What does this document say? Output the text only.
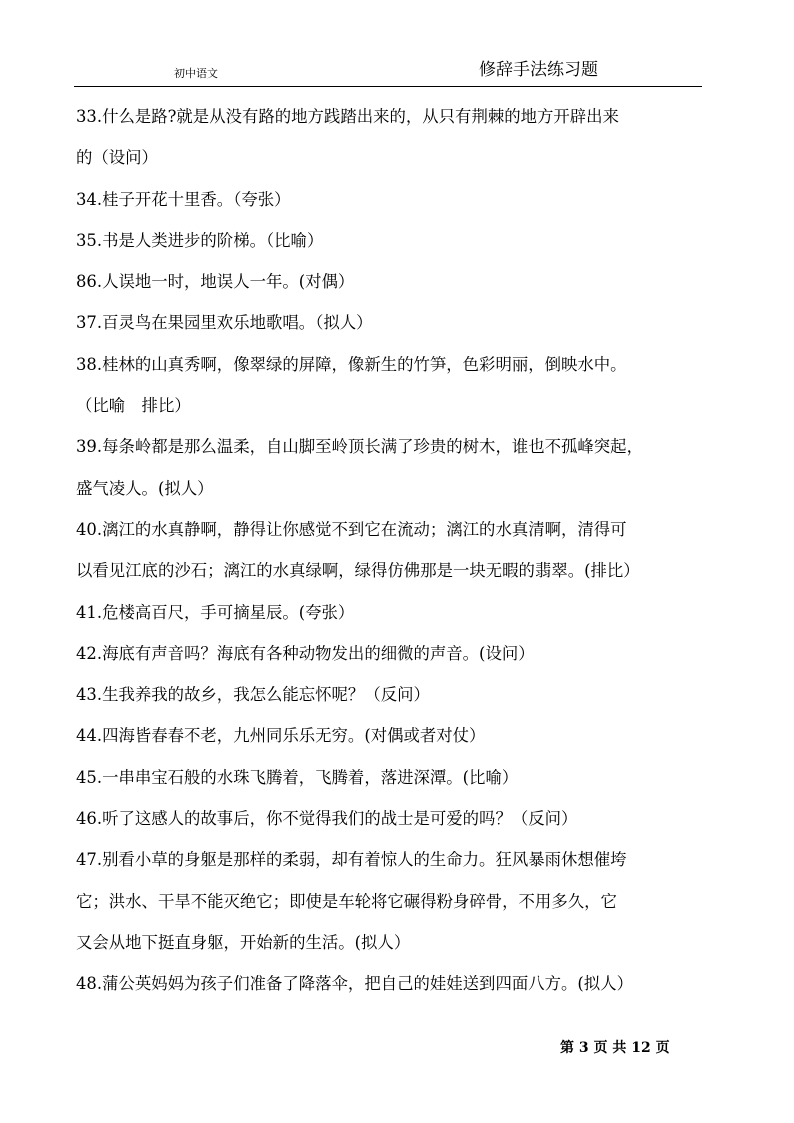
初中语文	修辞手法练习题
33.什么是路?就是从没有路的地方践踏出来的，从只有荆棘的地方开辟出来
的（设问）
34.桂子开花十里香。（夸张）
35.书是人类进步的阶梯。（比喻）
86.人误地一时，地误人一年。(对偶）
37.百灵鸟在果园里欢乐地歌唱。（拟人）
38.桂林的山真秀啊，像翠绿的屏障，像新生的竹笋，色彩明丽，倒映水中。
（比喻　排比）
39.每条岭都是那么温柔，自山脚至岭顶长满了珍贵的树木，谁也不孤峰突起，
盛气凌人。(拟人）
40.漓江的水真静啊，静得让你感觉不到它在流动；漓江的水真清啊，清得可
以看见江底的沙石；漓江的水真绿啊，绿得仿佛那是一块无暇的翡翠。(排比）
41.危楼高百尺，手可摘星辰。(夸张）
42.海底有声音吗？海底有各种动物发出的细微的声音。(设问）
43.生我养我的故乡，我怎么能忘怀呢？（反问）
44.四海皆春春不老，九州同乐乐无穷。(对偶或者对仗）
45.一串串宝石般的水珠飞腾着，飞腾着，落进深潭。(比喻）
46.听了这感人的故事后，你不觉得我们的战士是可爱的吗？（反问）
47.别看小草的身躯是那样的柔弱，却有着惊人的生命力。狂风暴雨休想催垮
它；洪水、干旱不能灭绝它；即使是车轮将它碾得粉身碎骨，不用多久，它
又会从地下挺直身躯，开始新的生活。(拟人）
48.蒲公英妈妈为孩子们准备了降落伞，把自己的娃娃送到四面八方。(拟人）
第 3 页 共 12 页
